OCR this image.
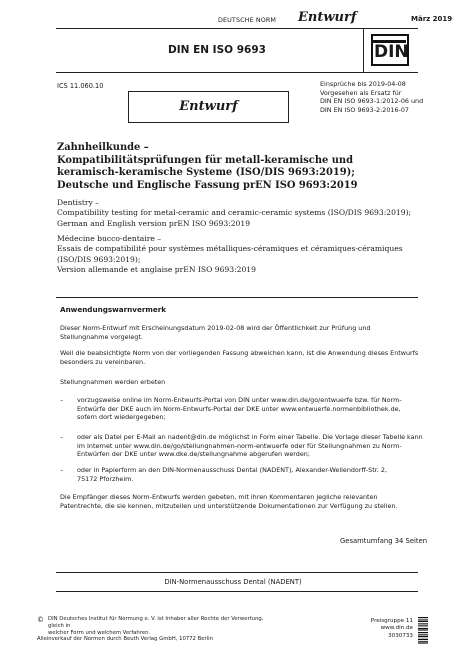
DEUTSCHE NORM Entwurf	März 2019
DIN EN ISO 9693	DIN
ICS 11.060.10	Einsprüche bis 2019-04-08
Vorgesehen als Ersatz für
DIN EN ISO 9693-1:2012-06 und
DIN EN ISO 9693-2:2016-07
Entwurf
Zahnheilkunde –
Kompatibilitätsprüfungen für metall-keramische und
keramisch-keramische Systeme (ISO/DIS 9693:2019);
Deutsche und Englische Fassung prEN ISO 9693:2019
Dentistry –
Compatibility testing for metal-ceramic and ceramic-ceramic systems (ISO/DIS 9693:2019);
German and English version prEN ISO 9693:2019
Médecine bucco-dentaire –
Essais de compatibilité pour systèmes métalliques-céramiques et céramiques-céramiques
(ISO/DIS 9693:2019);
Version allemande et anglaise prEN ISO 9693:2019
Anwendungswarnvermerk
Dieser Norm-Entwurf mit Erscheinungsdatum 2019-02-08 wird der Öffentlichkeit zur Prüfung und
Stellungnahme vorgelegt.
Weil die beabsichtigte Norm von der vorliegenden Fassung abweichen kann, ist die Anwendung dieses Entwurfs
besonders zu vereinbaren.
Stellungnahmen werden erbeten
– vorzugsweise online im Norm-Entwurfs-Portal von DIN unter www.din.de/go/entwuerfe bzw. für Norm-
Entwürfe der DKE auch im Norm-Entwurfs-Portal der DKE unter www.entwuerfe.normenbibliothek.de,
sofern dort wiedergegeben;
– oder als Datei per E-Mail an nadent@din.de möglichst in Form einer Tabelle. Die Vorlage dieser Tabelle kann
im Internet unter www.din.de/go/stellungnahmen-norm-entwuerfe oder für Stellungnahmen zu Norm-
Entwürfen der DKE unter www.dke.de/stellungnahme abgerufen werden;
– oder in Papierform an den DIN-Normenausschuss Dental (NADENT), Alexander-Wellendorff-Str. 2,
75172 Pforzheim.
Die Empfänger dieses Norm-Entwurfs werden gebeten, mit ihren Kommentaren jegliche relevanten
Patentrechte, die sie kennen, mitzuteilen und unterstützende Dokumentationen zur Verfügung zu stellen.
Gesamtumfang 34 Seiten
DIN-Normenausschuss Dental (NADENT)
© DIN Deutsches Institut für Normung e. V. ist Inhaber aller Rechte der Verwertung, gleich in
welcher Form und welchem Verfahren.
Alleinverkauf der Normen durch Beuth Verlag GmbH, 10772 Berlin
Preisgruppe 11
www.din.de
3030733
